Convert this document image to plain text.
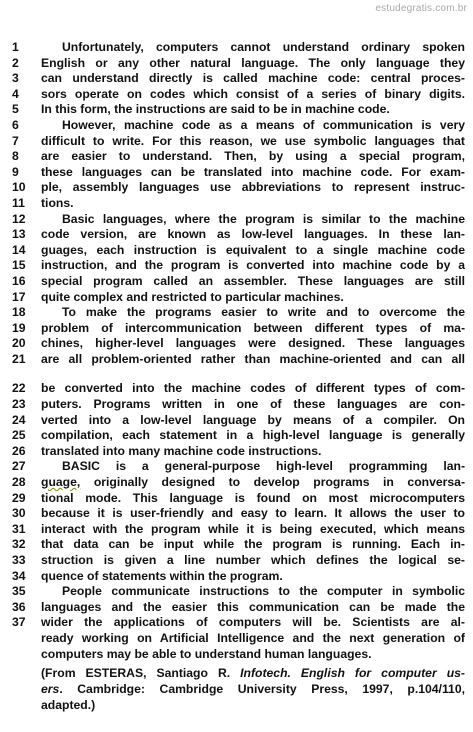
estudegratis.com.br
1	Unfortunately, computers cannot understand ordinary spoken
2	English or any other natural language. The only language they
3	can understand directly is called machine code: central proces-
4	sors operate on codes which consist of a series of binary digits.
5	In this form, the instructions are said to be in machine code.
6	However, machine code as a means of communication is very
7	difficult to write. For this reason, we use symbolic languages that
8	are easier to understand. Then, by using a special program,
9	these languages can be translated into machine code. For exam-
10	ple, assembly languages use abbreviations to represent instruc-
11	tions.
12	Basic languages, where the program is similar to the machine
13	code version, are known as low-level languages. In these lan-
14	guages, each instruction is equivalent to a single machine code
15	instruction, and the program is converted into machine code by a
16	special program called an assembler. These languages are still
17	quite complex and restricted to particular machines.
18	To make the programs easier to write and to overcome the
19	problem of intercommunication between different types of ma-
20	chines, higher-level languages were designed. These languages
21	are all problem-oriented rather than machine-oriented and can all
22	be converted into the machine codes of different types of com-
23	puters. Programs written in one of these languages are con-
24	verted into a low-level language by means of a compiler. On
25	compilation, each statement in a high-level language is generally
26	translated into many machine code instructions.
27	BASIC is a general-purpose high-level programming lan-
28	guage, originally designed to develop programs in conversa-
29	tional mode. This language is found on most microcomputers
30	because it is user-friendly and easy to learn. It allows the user to
31	interact with the program while it is being executed, which means
32	that data can be input while the program is running. Each in-
33	struction is given a line number which defines the logical se-
34	quence of statements within the program.
35	People communicate instructions to the computer in symbolic
36	languages and the easier this communication can be made the
37	wider the applications of computers will be. Scientists are al-
ready working on Artificial Intelligence and the next generation of
computers may be able to understand human languages.
(From ESTERAS, Santiago R. Infotech. English for computer us-
ers. Cambridge: Cambridge University Press, 1997, p.104/110,
adapted.)
